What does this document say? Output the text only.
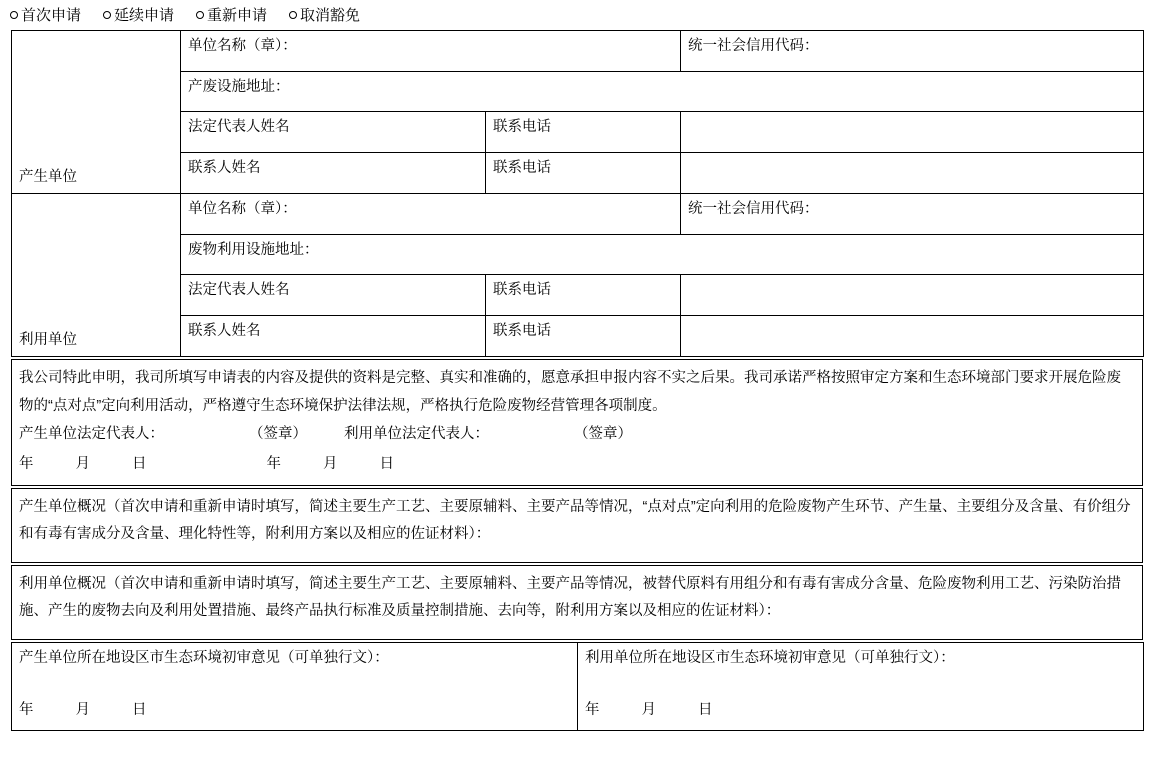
首次申请 延续申请 重新申请 取消豁免
产生单位	单位名称（章）：		统一社会信用代码：
	产废设施地址：		
	法定代表人姓名	联系电话	
	联系人姓名	联系电话	
利用单位	单位名称（章）：		统一社会信用代码：
	废物利用设施地址：		
	法定代表人姓名	联系电话	
	联系人姓名	联系电话	
我公司特此申明，我司所填写申请表的内容及提供的资料是完整、真实和准确的，愿意承担申报内容不实之后果。我司承诺严格按照审定方案和生态环境部门要求开展危险废物的“点对点”定向利用活动，严格遵守生态环境保护法律法规，严格执行危险废物经营管理各项制度。
产生单位法定代表人：	（签章）	利用单位法定代表人：	（签章）
年	月	日	年	月	日
产生单位概况（首次申请和重新申请时填写，简述主要生产工艺、主要原辅料、主要产品等情况，“点对点”定向利用的危险废物产生环节、产生量、主要组分及含量、有价组分和有毒有害成分及含量、理化特性等，附利用方案以及相应的佐证材料）：
利用单位概况（首次申请和重新申请时填写，简述主要生产工艺、主要原辅料、主要产品等情况，被替代原料有用组分和有毒有害成分含量、危险废物利用工艺、污染防治措施、产生的废物去向及利用处置措施、最终产品执行标准及质量控制措施、去向等，附利用方案以及相应的佐证材料）：
产生单位所在地设区市生态环境初审意见（可单独行文）：
年	月	日

利用单位所在地设区市生态环境初审意见（可单独行文）：
年	月	日
